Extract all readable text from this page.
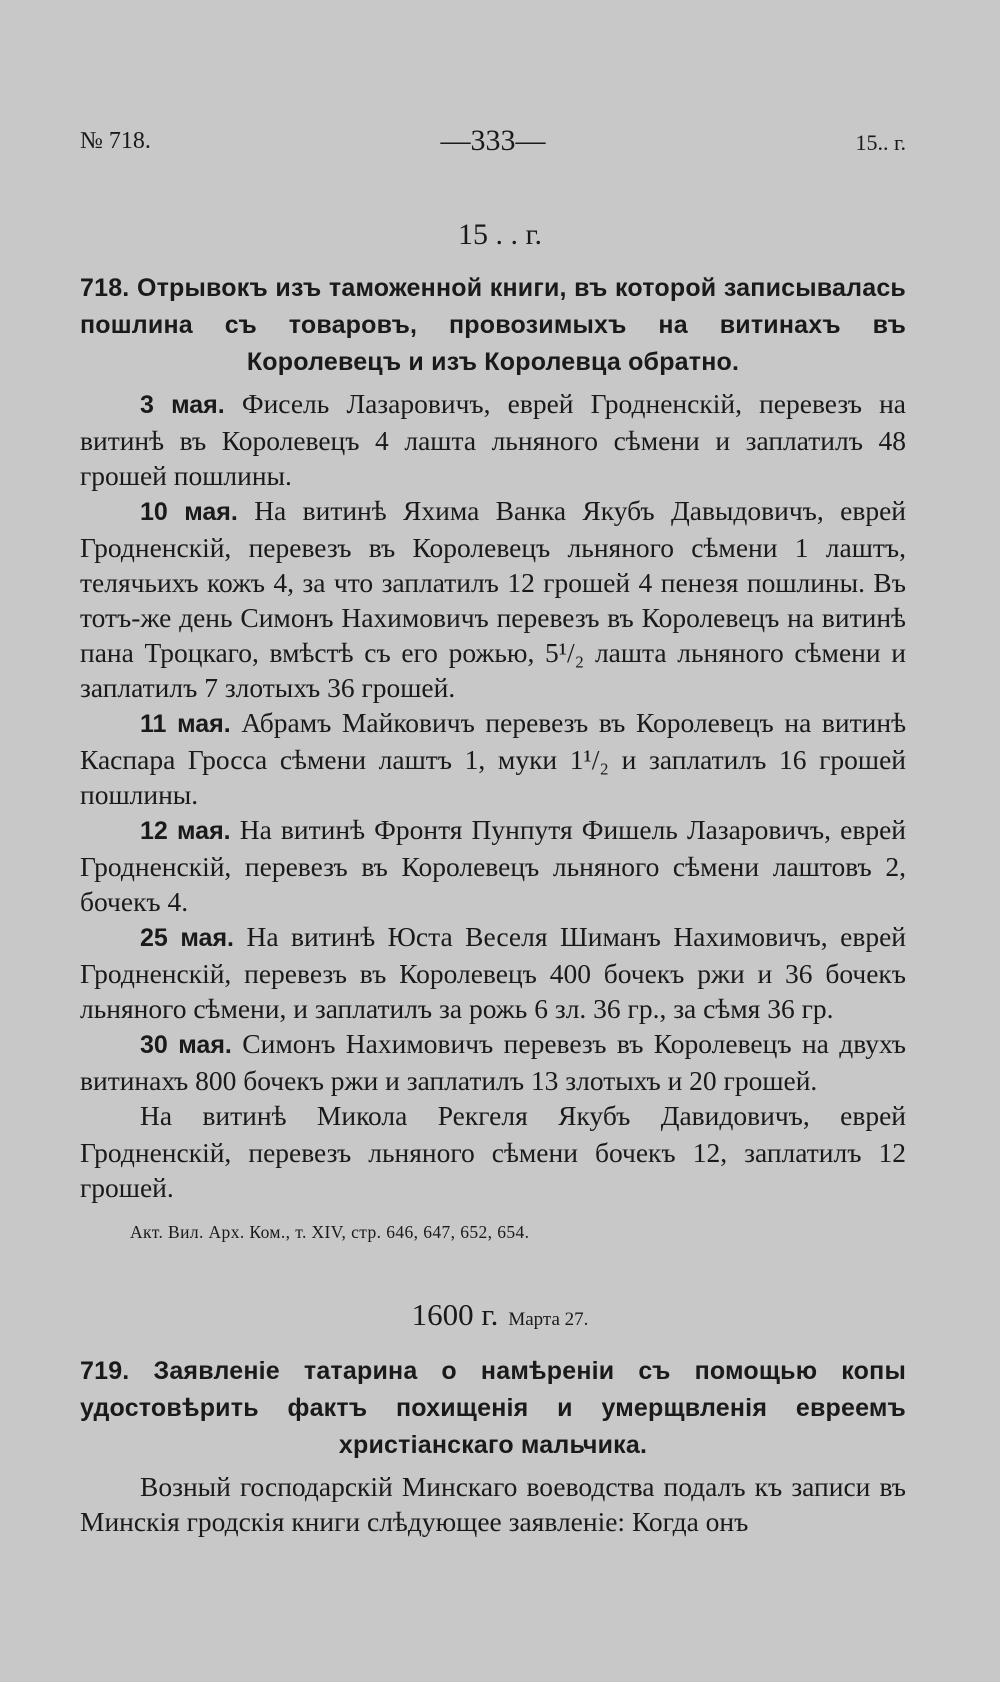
№ 718.	—333—	15.. г.
15 . . г.
718. Отрывокъ изъ таможенной книги, въ которой записывалась пошлина съ товаровъ, провозимыхъ на витинахъ въ Королевецъ и изъ Королевца обратно.

3 мая. Фисель Лазаровичъ, еврей Гродненскій, перевезъ на витинѣ въ Королевецъ 4 лашта льняного сѣмени и заплатилъ 48 грошей пошлины.

10 мая. На витинѣ Яхима Ванка Якубъ Давыдовичъ, еврей Гродненскій, перевезъ въ Королевецъ льняного сѣмени 1 лаштъ, телячьихъ кожъ 4, за что заплатилъ 12 грошей 4 пенезя пошлины. Въ тотъ-же день Симонъ Нахимовичъ перевезъ въ Королевецъ на витинѣ пана Троцкаго, вмѣстѣ съ его рожью, 5¹/₂ лашта льняного сѣмени и заплатилъ 7 злотыхъ 36 грошей.

11 мая. Абрамъ Майковичъ перевезъ въ Королевецъ на витинѣ Каспара Гросса сѣмени лаштъ 1, муки 1¹/₂ и заплатилъ 16 грошей пошлины.

12 мая. На витинѣ Фронтя Пунпутя Фишель Лазаровичъ, еврей Гродненскій, перевезъ въ Королевецъ льняного сѣмени лаштовъ 2, бочекъ 4.

25 мая. На витинѣ Юста Веселя Шиманъ Нахимовичъ, еврей Гродненскій, перевезъ въ Королевецъ 400 бочекъ ржи и 36 бочекъ льняного сѣмени, и заплатилъ за рожь 6 зл. 36 гр., за сѣмя 36 гр.

30 мая. Симонъ Нахимовичъ перевезъ въ Королевецъ на двухъ витинахъ 800 бочекъ ржи и заплатилъ 13 злотыхъ и 20 грошей.

На витинѣ Микола Рекгеля Якубъ Давидовичъ, еврей Гродненскій, перевезъ льняного сѣмени бочекъ 12, заплатилъ 12 грошей.

Акт. Вил. Арх. Ком., т. XIV, стр. 646, 647, 652, 654.
1600 г. Марта 27.
719. Заявленіе татарина о намѣреніи съ помощью копы удостовѣрить фактъ похищенія и умерщвленія евреемъ христіанскаго мальчика.

Возный господарскій Минскаго воеводства подалъ къ записи въ Минскія гродскія книги слѣдующее заявленіе: Когда онъ
